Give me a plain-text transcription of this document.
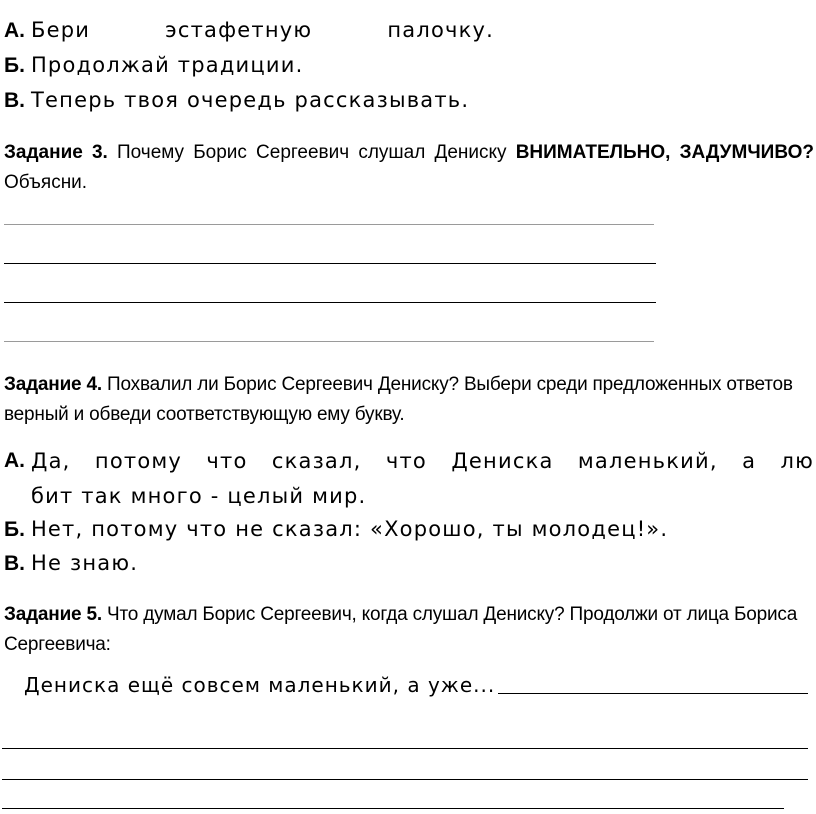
А. Бери	эстафетную	палочку.
Б. Продолжай традиции.
В. Теперь твоя очередь рассказывать.
Задание 3. Почему Борис Сергеевич слушал Дениску ВНИМАТЕЛЬНО, ЗАДУМЧИВО? Объясни.
Задание 4. Похвалил ли Борис Сергеевич Дениску? Выбери среди предложенных ответов верный и обведи соответствующую ему букву.
А. Да, потому что сказал, что Дениска маленький, а лю
бит так много - целый мир.
Б. Нет, потому что не сказал: «Хорошо, ты молодец!».
В. Не знаю.
Задание 5. Что думал Борис Сергеевич, когда слушал Дениску? Продолжи от лица Бориса Сергеевича:
Дениска ещё совсем маленький, а уже...
